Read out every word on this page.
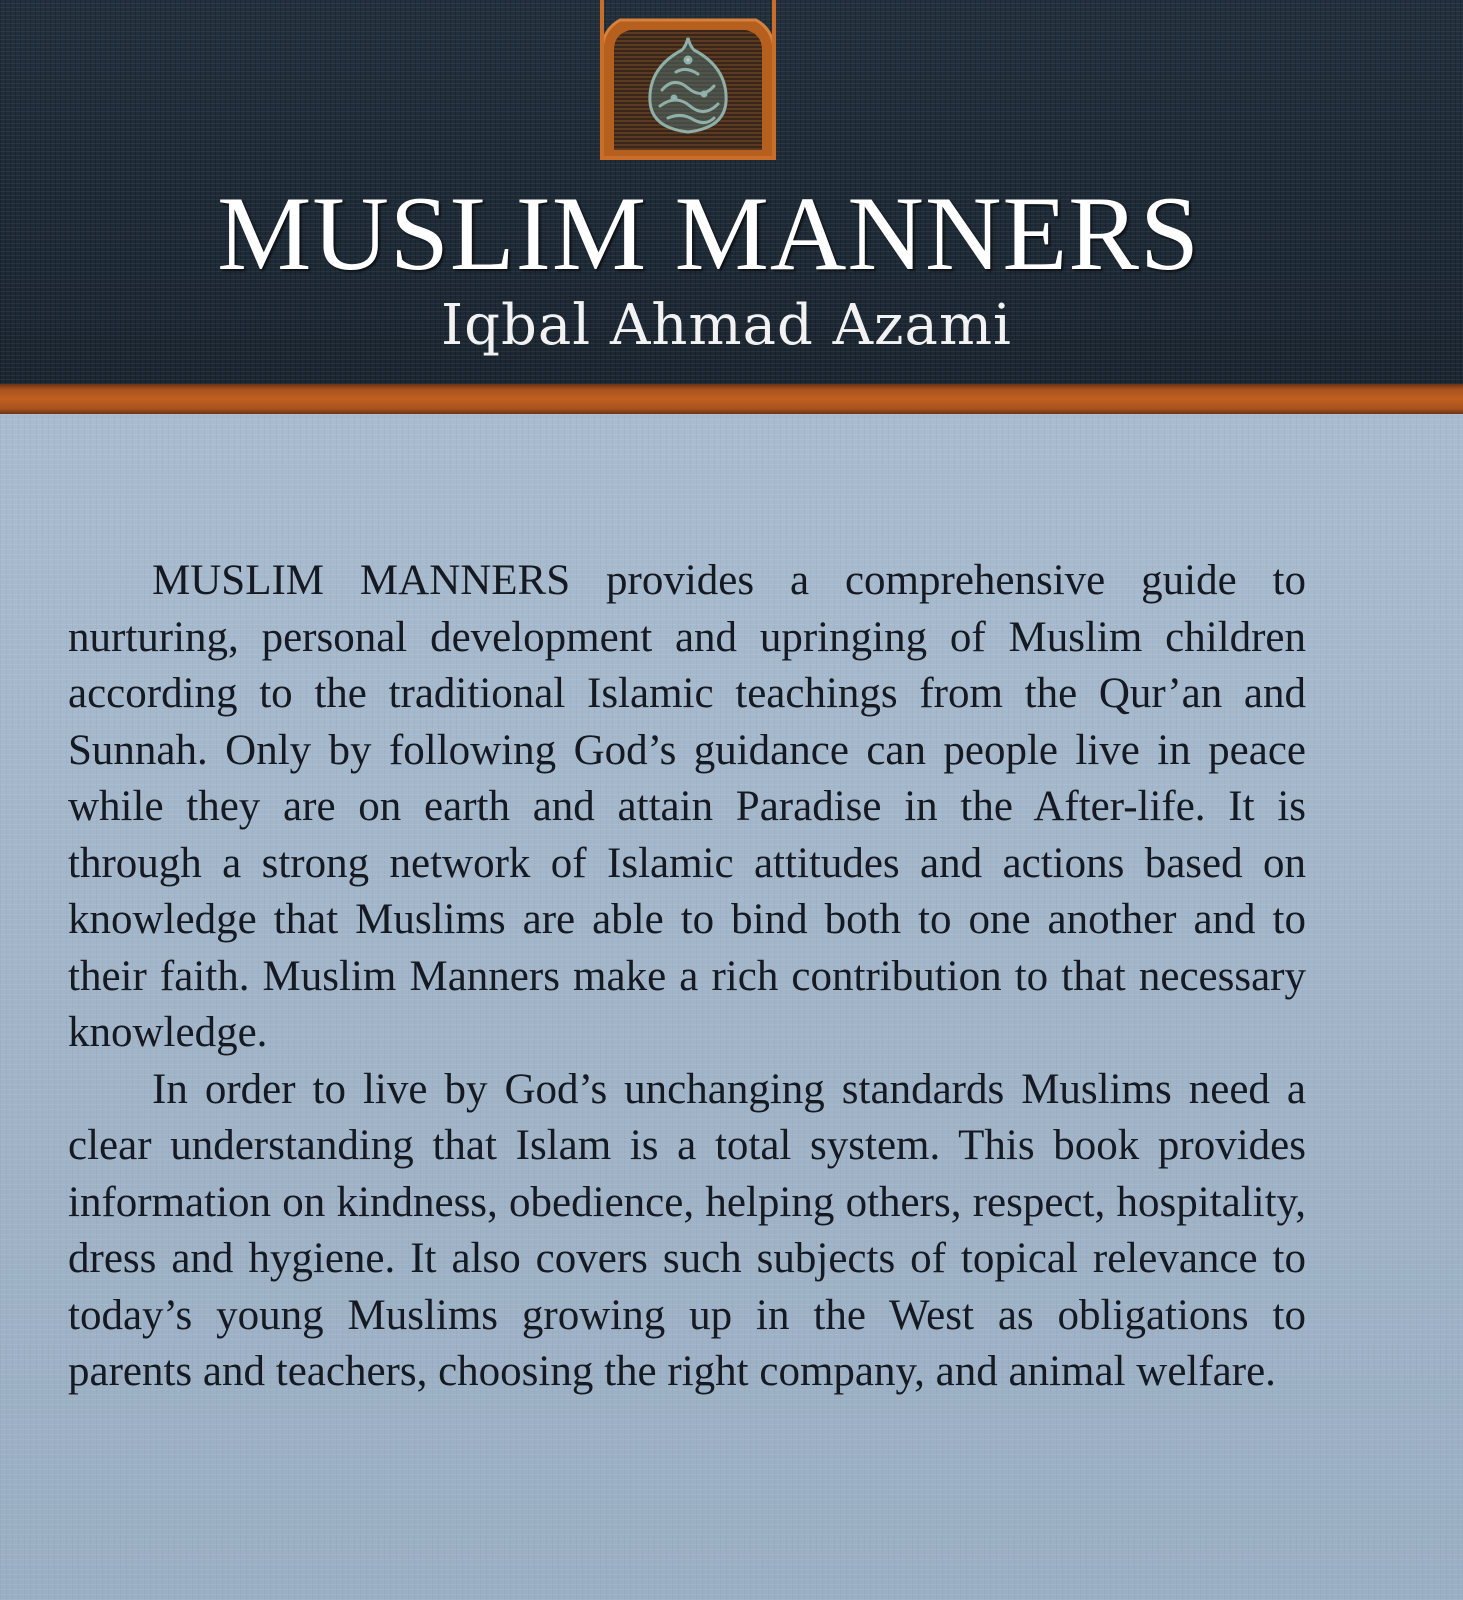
MUSLIM MANNERS
Iqbal Ahmad Azami

MUSLIM MANNERS provides a comprehensive guide to nurturing, personal development and upringing of Muslim children according to the traditional Islamic teachings from the Qur’an and Sunnah. Only by following God’s guidance can people live in peace while they are on earth and attain Paradise in the After-life. It is through a strong network of Islamic attitudes and actions based on knowledge that Muslims are able to bind both to one another and to their faith. Muslim Manners make a rich contribution to that necessary knowledge.

In order to live by God’s unchanging standards Muslims need a clear understanding that Islam is a total system. This book provides information on kindness, obedience, helping others, respect, hospitality, dress and hygiene. It also covers such subjects of topical relevance to today’s young Muslims growing up in the West as obligations to parents and teachers, choosing the right company, and animal welfare.
